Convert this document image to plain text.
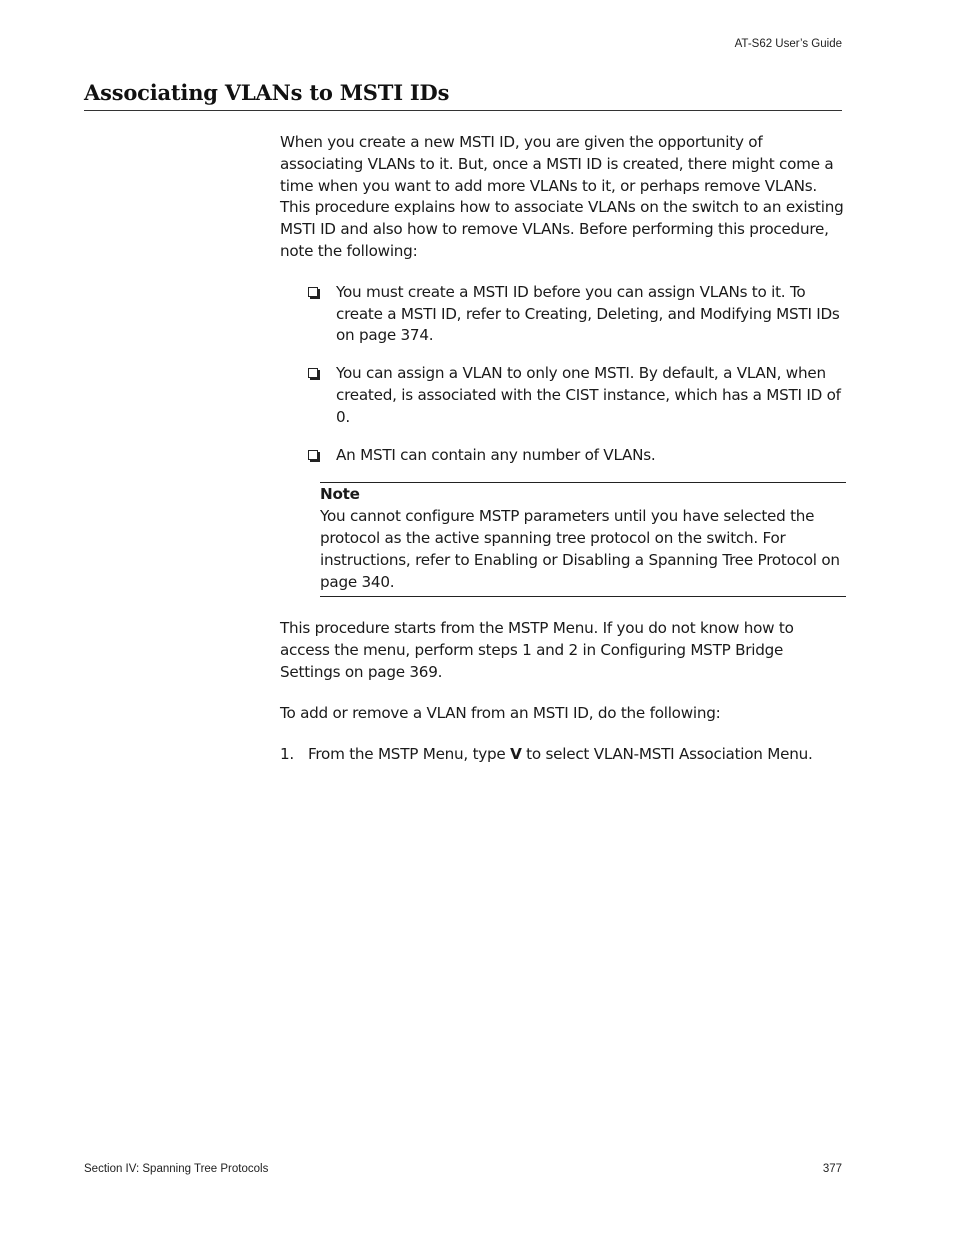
AT-S62 User’s Guide
Associating VLANs to MSTI IDs

When you create a new MSTI ID, you are given the opportunity of associating VLANs to it. But, once a MSTI ID is created, there might come a time when you want to add more VLANs to it, or perhaps remove VLANs. This procedure explains how to associate VLANs on the switch to an existing MSTI ID and also how to remove VLANs. Before performing this procedure, note the following:

You must create a MSTI ID before you can assign VLANs to it. To create a MSTI ID, refer to Creating, Deleting, and Modifying MSTI IDs on page 374.
You can assign a VLAN to only one MSTI. By default, a VLAN, when created, is associated with the CIST instance, which has a MSTI ID of 0.
An MSTI can contain any number of VLANs.
Note
You cannot configure MSTP parameters until you have selected the protocol as the active spanning tree protocol on the switch. For instructions, refer to Enabling or Disabling a Spanning Tree Protocol on page 340.

This procedure starts from the MSTP Menu. If you do not know how to access the menu, perform steps 1 and 2 in Configuring MSTP Bridge Settings on page 369.

To add or remove a VLAN from an MSTI ID, do the following:

1. From the MSTP Menu, type V to select VLAN-MSTI Association Menu.

Section IV: Spanning Tree Protocols	377
